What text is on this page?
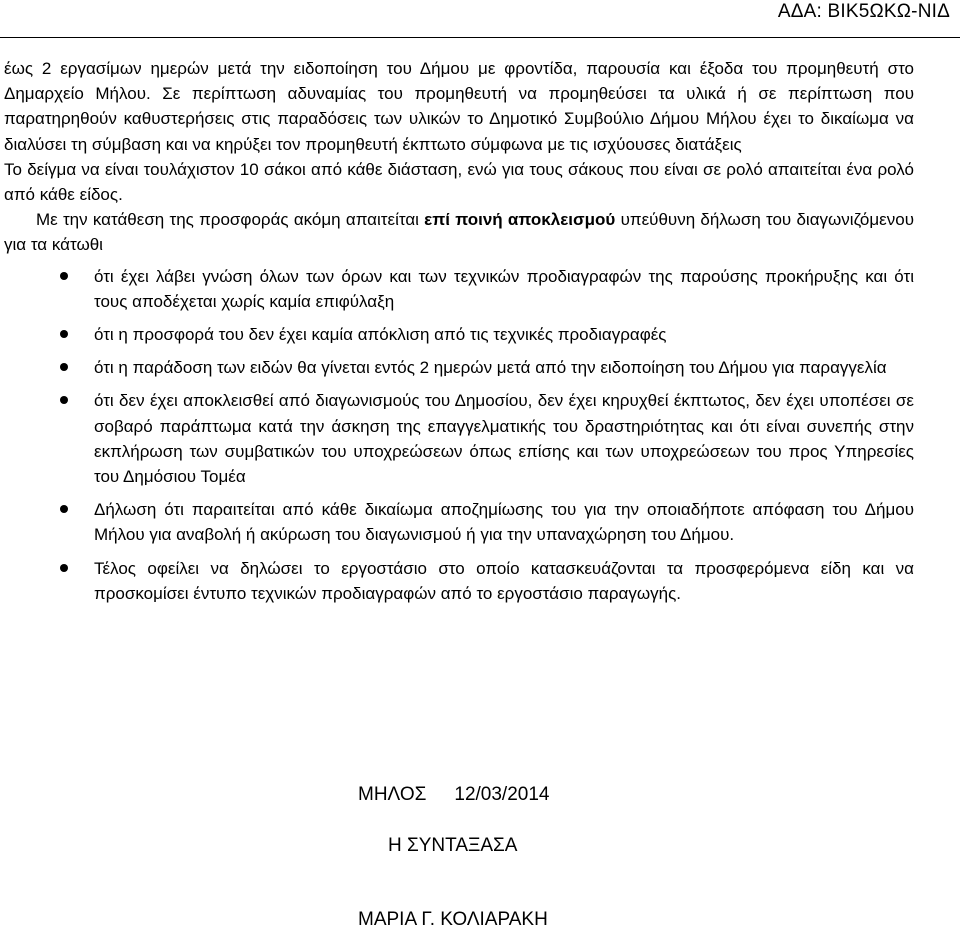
ΑΔΑ: ΒΙΚ5ΩΚΩ-ΝΙΔ

έως 2 εργασίμων ημερών μετά την ειδοποίηση του Δήμου με φροντίδα, παρουσία και έξοδα του προμηθευτή στο Δημαρχείο Μήλου. Σε περίπτωση αδυναμίας του προμηθευτή να προμηθεύσει τα υλικά ή σε περίπτωση που παρατηρηθούν καθυστερήσεις στις παραδόσεις των υλικών το Δημοτικό Συμβούλιο Δήμου Μήλου έχει το δικαίωμα να διαλύσει τη σύμβαση και να κηρύξει τον προμηθευτή έκπτωτο σύμφωνα με τις ισχύουσες διατάξεις

Το δείγμα να είναι τουλάχιστον 10 σάκοι από κάθε διάσταση, ενώ για τους σάκους που είναι σε ρολό απαιτείται ένα ρολό από κάθε είδος.

Με την κατάθεση της προσφοράς ακόμη απαιτείται επί ποινή αποκλεισμού υπεύθυνη δήλωση του διαγωνιζόμενου για τα κάτωθι

ότι έχει λάβει γνώση όλων των όρων και των τεχνικών προδιαγραφών της παρούσης προκήρυξης και ότι τους αποδέχεται χωρίς καμία επιφύλαξη
ότι η προσφορά του δεν έχει καμία απόκλιση από τις τεχνικές προδιαγραφές
ότι η παράδοση των ειδών θα γίνεται εντός 2 ημερών μετά από την ειδοποίηση του Δήμου για παραγγελία
ότι δεν έχει αποκλεισθεί από διαγωνισμούς του Δημοσίου, δεν έχει κηρυχθεί έκπτωτος, δεν έχει υποπέσει σε σοβαρό παράπτωμα κατά την άσκηση της επαγγελματικής του δραστηριότητας και ότι είναι συνεπής στην εκπλήρωση των συμβατικών του υποχρεώσεων όπως επίσης και των υποχρεώσεων του προς Υπηρεσίες του Δημόσιου Τομέα
Δήλωση ότι παραιτείται από κάθε δικαίωμα αποζημίωσης του για την οποιαδήποτε απόφαση του Δήμου Μήλου για αναβολή ή ακύρωση του διαγωνισμού ή για την υπαναχώρηση του Δήμου.
Τέλος οφείλει να δηλώσει το εργοστάσιο στο οποίο κατασκευάζονται τα προσφερόμενα είδη και να προσκομίσει έντυπο τεχνικών προδιαγραφών από το εργοστάσιο παραγωγής.
ΜΗΛΟΣ 12/03/2014
Η ΣΥΝΤΑΞΑΣΑ
ΜΑΡΙΑ Γ. ΚΟΛΙΑΡΑΚΗ
